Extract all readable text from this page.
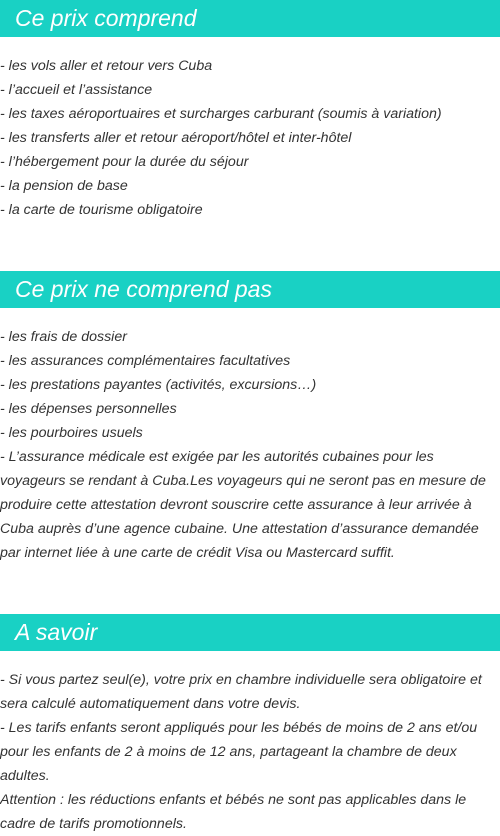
Ce prix comprend
- les vols aller et retour vers Cuba
- l’accueil et l’assistance
- les taxes aéroportuaires et surcharges carburant (soumis à variation)
- les transferts aller et retour aéroport/hôtel et inter-hôtel
- l’hébergement pour la durée du séjour
- la pension de base
- la carte de tourisme obligatoire
Ce prix ne comprend pas
- les frais de dossier
- les assurances complémentaires facultatives
- les prestations payantes (activités, excursions…)
- les dépenses personnelles
- les pourboires usuels
- L’assurance médicale est exigée par les autorités cubaines pour les voyageurs se rendant à Cuba.Les voyageurs qui ne seront pas en mesure de produire cette attestation devront souscrire cette assurance à leur arrivée à Cuba auprès d’une agence cubaine. Une attestation d’assurance demandée par internet liée à une carte de crédit Visa ou Mastercard suffit.
A savoir
- Si vous partez seul(e), votre prix en chambre individuelle sera obligatoire et sera calculé automatiquement dans votre devis.
- Les tarifs enfants seront appliqués pour les bébés de moins de 2 ans et/ou pour les enfants de 2 à moins de 12 ans, partageant la chambre de deux adultes.
Attention : les réductions enfants et bébés ne sont pas applicables dans le cadre de tarifs promotionnels.
